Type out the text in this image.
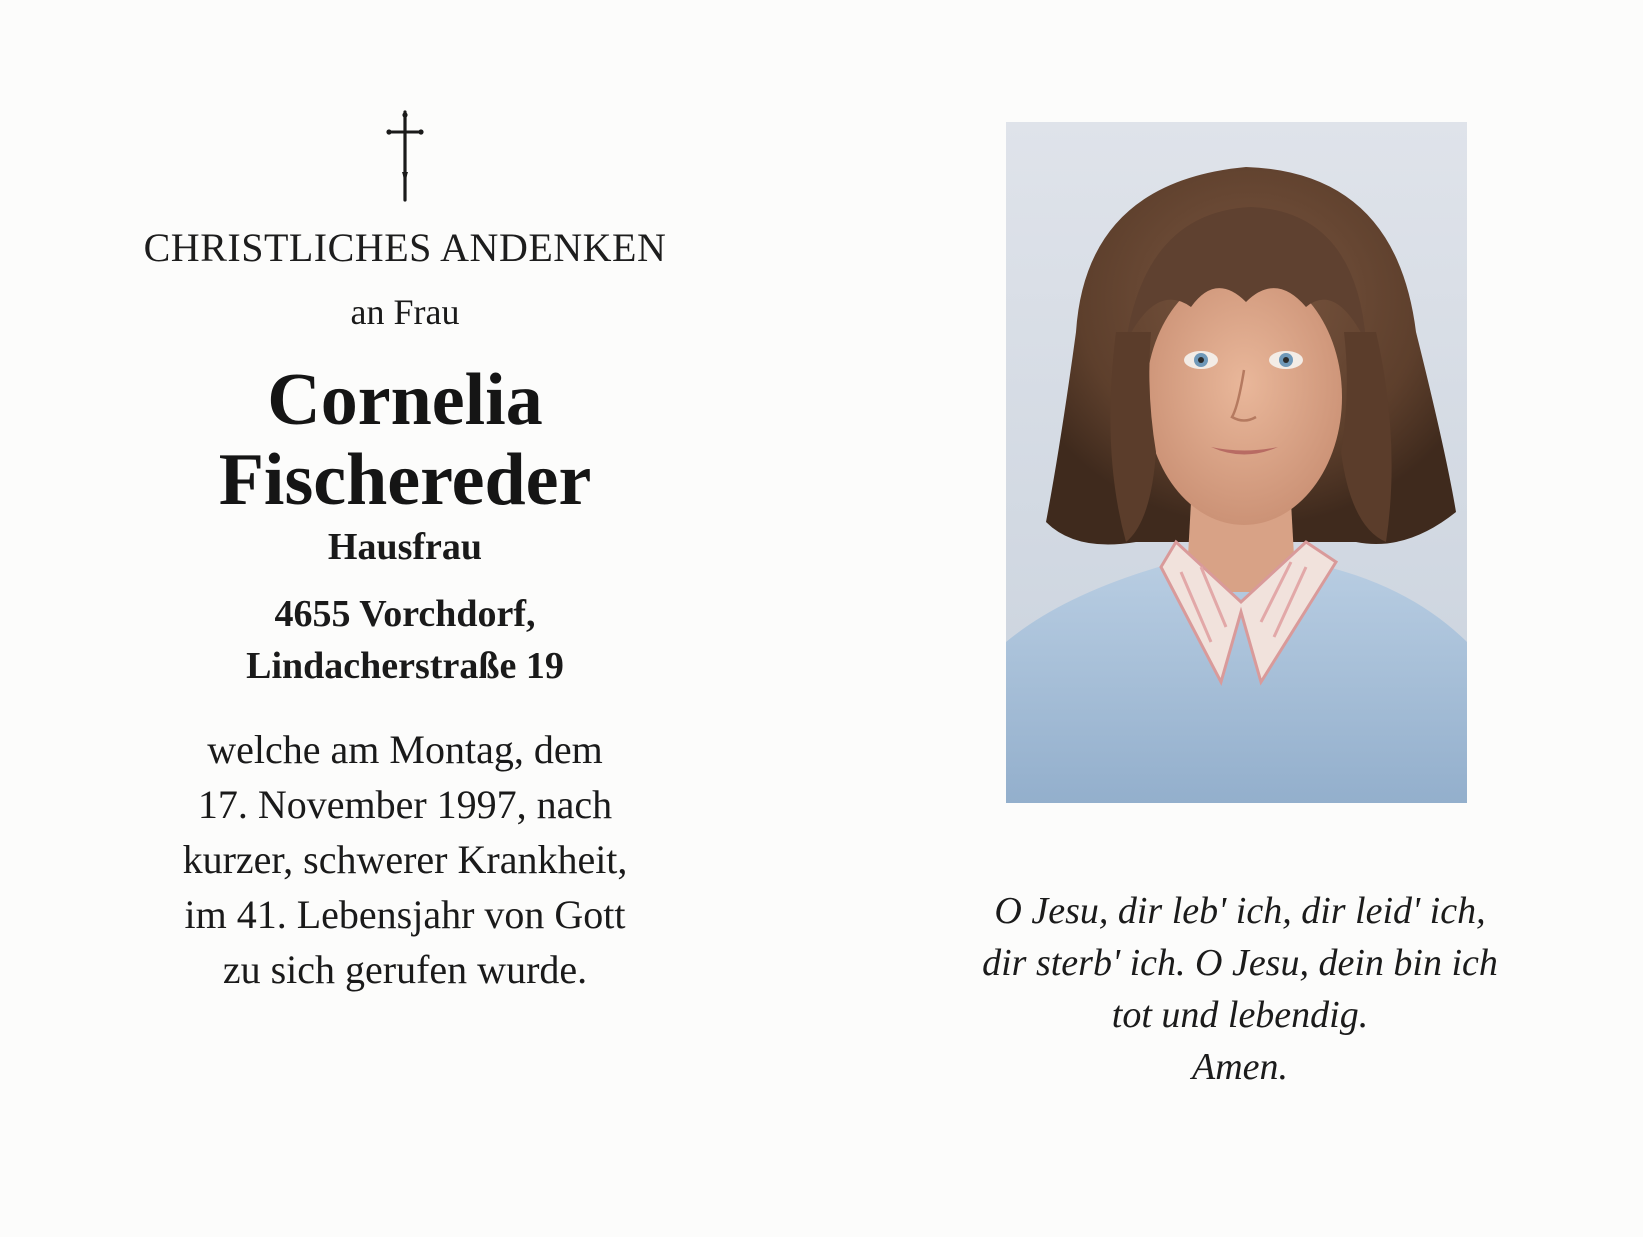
CHRISTLICHES ANDENKEN
an Frau
Cornelia
Fischereder
Hausfrau
4655 Vorchdorf,
Lindacherstraße 19
welche am Montag, dem
17. November 1997, nach
kurzer, schwerer Krankheit,
im 41. Lebensjahr von Gott
zu sich gerufen wurde.
O Jesu, dir leb' ich, dir leid' ich,
dir sterb' ich. O Jesu, dein bin ich
tot und lebendig.
Amen.
